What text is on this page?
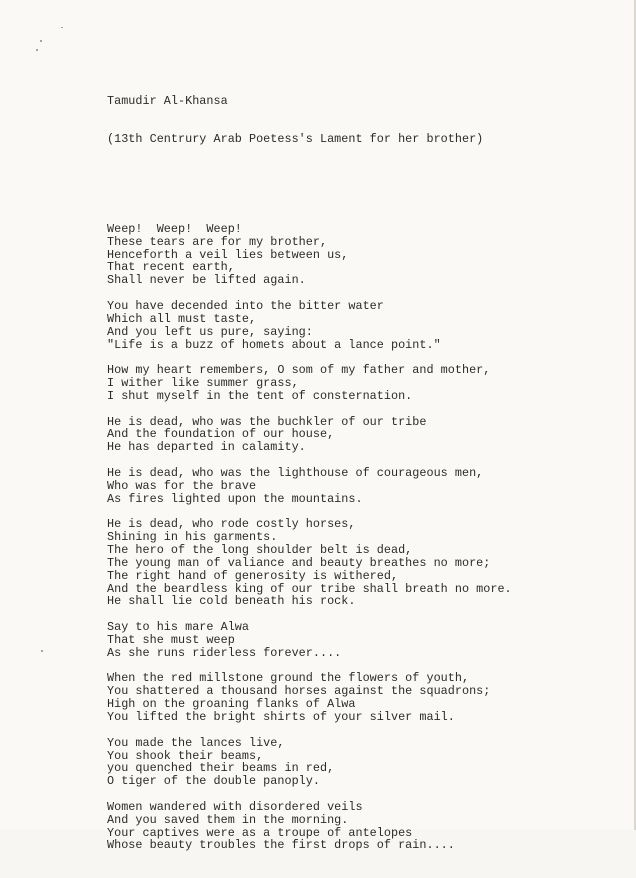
Tamudir Al-Khansa

(13th Centrury Arab Poetess's Lament for her brother)

Weep!  Weep!  Weep!
These tears are for my brother,
Henceforth a veil lies between us,
That recent earth,
Shall never be lifted again.
You have decended into the bitter water
Which all must taste,
And you left us pure, saying:
"Life is a buzz of homets about a lance point."
How my heart remembers, O som of my father and mother,
I wither like summer grass,
I shut myself in the tent of consternation.
He is dead, who was the buchkler of our tribe
And the foundation of our house,
He has departed in calamity.
He is dead, who was the lighthouse of courageous men,
Who was for the brave
As fires lighted upon the mountains.
He is dead, who rode costly horses,
Shining in his garments.
The hero of the long shoulder belt is dead,
The young man of valiance and beauty breathes no more;
The right hand of generosity is withered,
And the beardless king of our tribe shall breath no more.
He shall lie cold beneath his rock.
Say to his mare Alwa
That she must weep
As she runs riderless forever....
When the red millstone ground the flowers of youth,
You shattered a thousand horses against the squadrons;
High on the groaning flanks of Alwa
You lifted the bright shirts of your silver mail.
You made the lances live,
You shook their beams,
you quenched their beams in red,
O tiger of the double panoply.
Women wandered with disordered veils
And you saved them in the morning.
Your captives were as a troupe of antelopes
Whose beauty troubles the first drops of rain....
